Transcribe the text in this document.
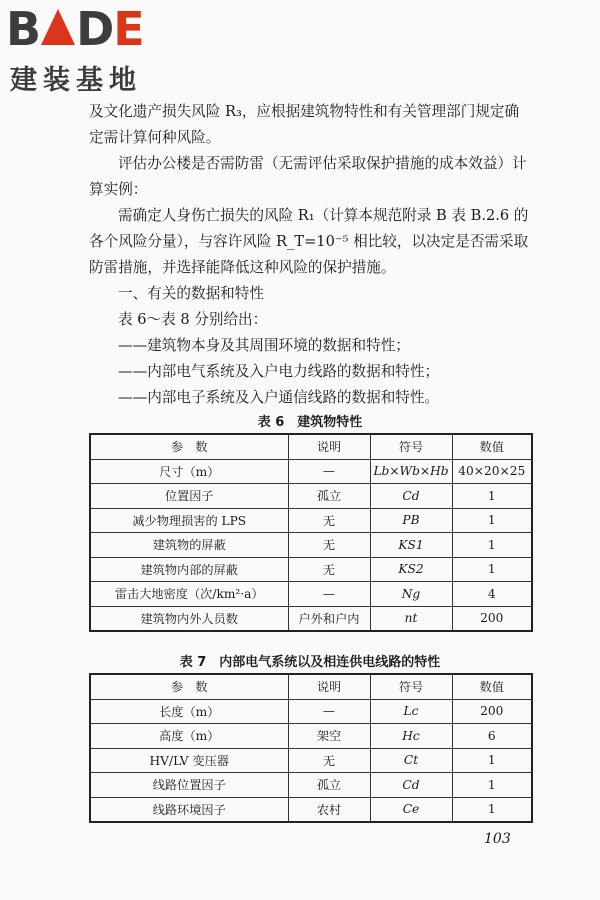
B D E
建装基地

及文化遗产损失风险 R₃，应根据建筑物特性和有关管理部门规定确定需计算何种风险。

评估办公楼是否需防雷（无需评估采取保护措施的成本效益）计算实例：

需确定人身伤亡损失的风险 R₁（计算本规范附录 B 表 B.2.6 的各个风险分量），与容许风险 R_T=10⁻⁵ 相比较，以决定是否需采取防雷措施，并选择能降低这种风险的保护措施。

一、有关的数据和特性

表 6～表 8 分别给出：

——建筑物本身及其周围环境的数据和特性；

——内部电气系统及入户电力线路的数据和特性；

——内部电子系统及入户通信线路的数据和特性。

表 6　建筑物特性
参　数	说明	符号	数值
尺寸（m）	—	Lb×Wb×Hb	40×20×25
位置因子	孤立	Cd	1
减少物理损害的 LPS	无	PB	1
建筑物的屏蔽	无	KS1	1
建筑物内部的屏蔽	无	KS2	1
雷击大地密度（次/km²·a）	—	Ng	4
建筑物内外人员数	户外和户内	nt	200
表 7　内部电气系统以及相连供电线路的特性
参　数	说明	符号	数值
长度（m）	—	Lc	200
高度（m）	架空	Hc	6
HV/LV 变压器	无	Ct	1
线路位置因子	孤立	Cd	1
线路环境因子	农村	Ce	1
103
